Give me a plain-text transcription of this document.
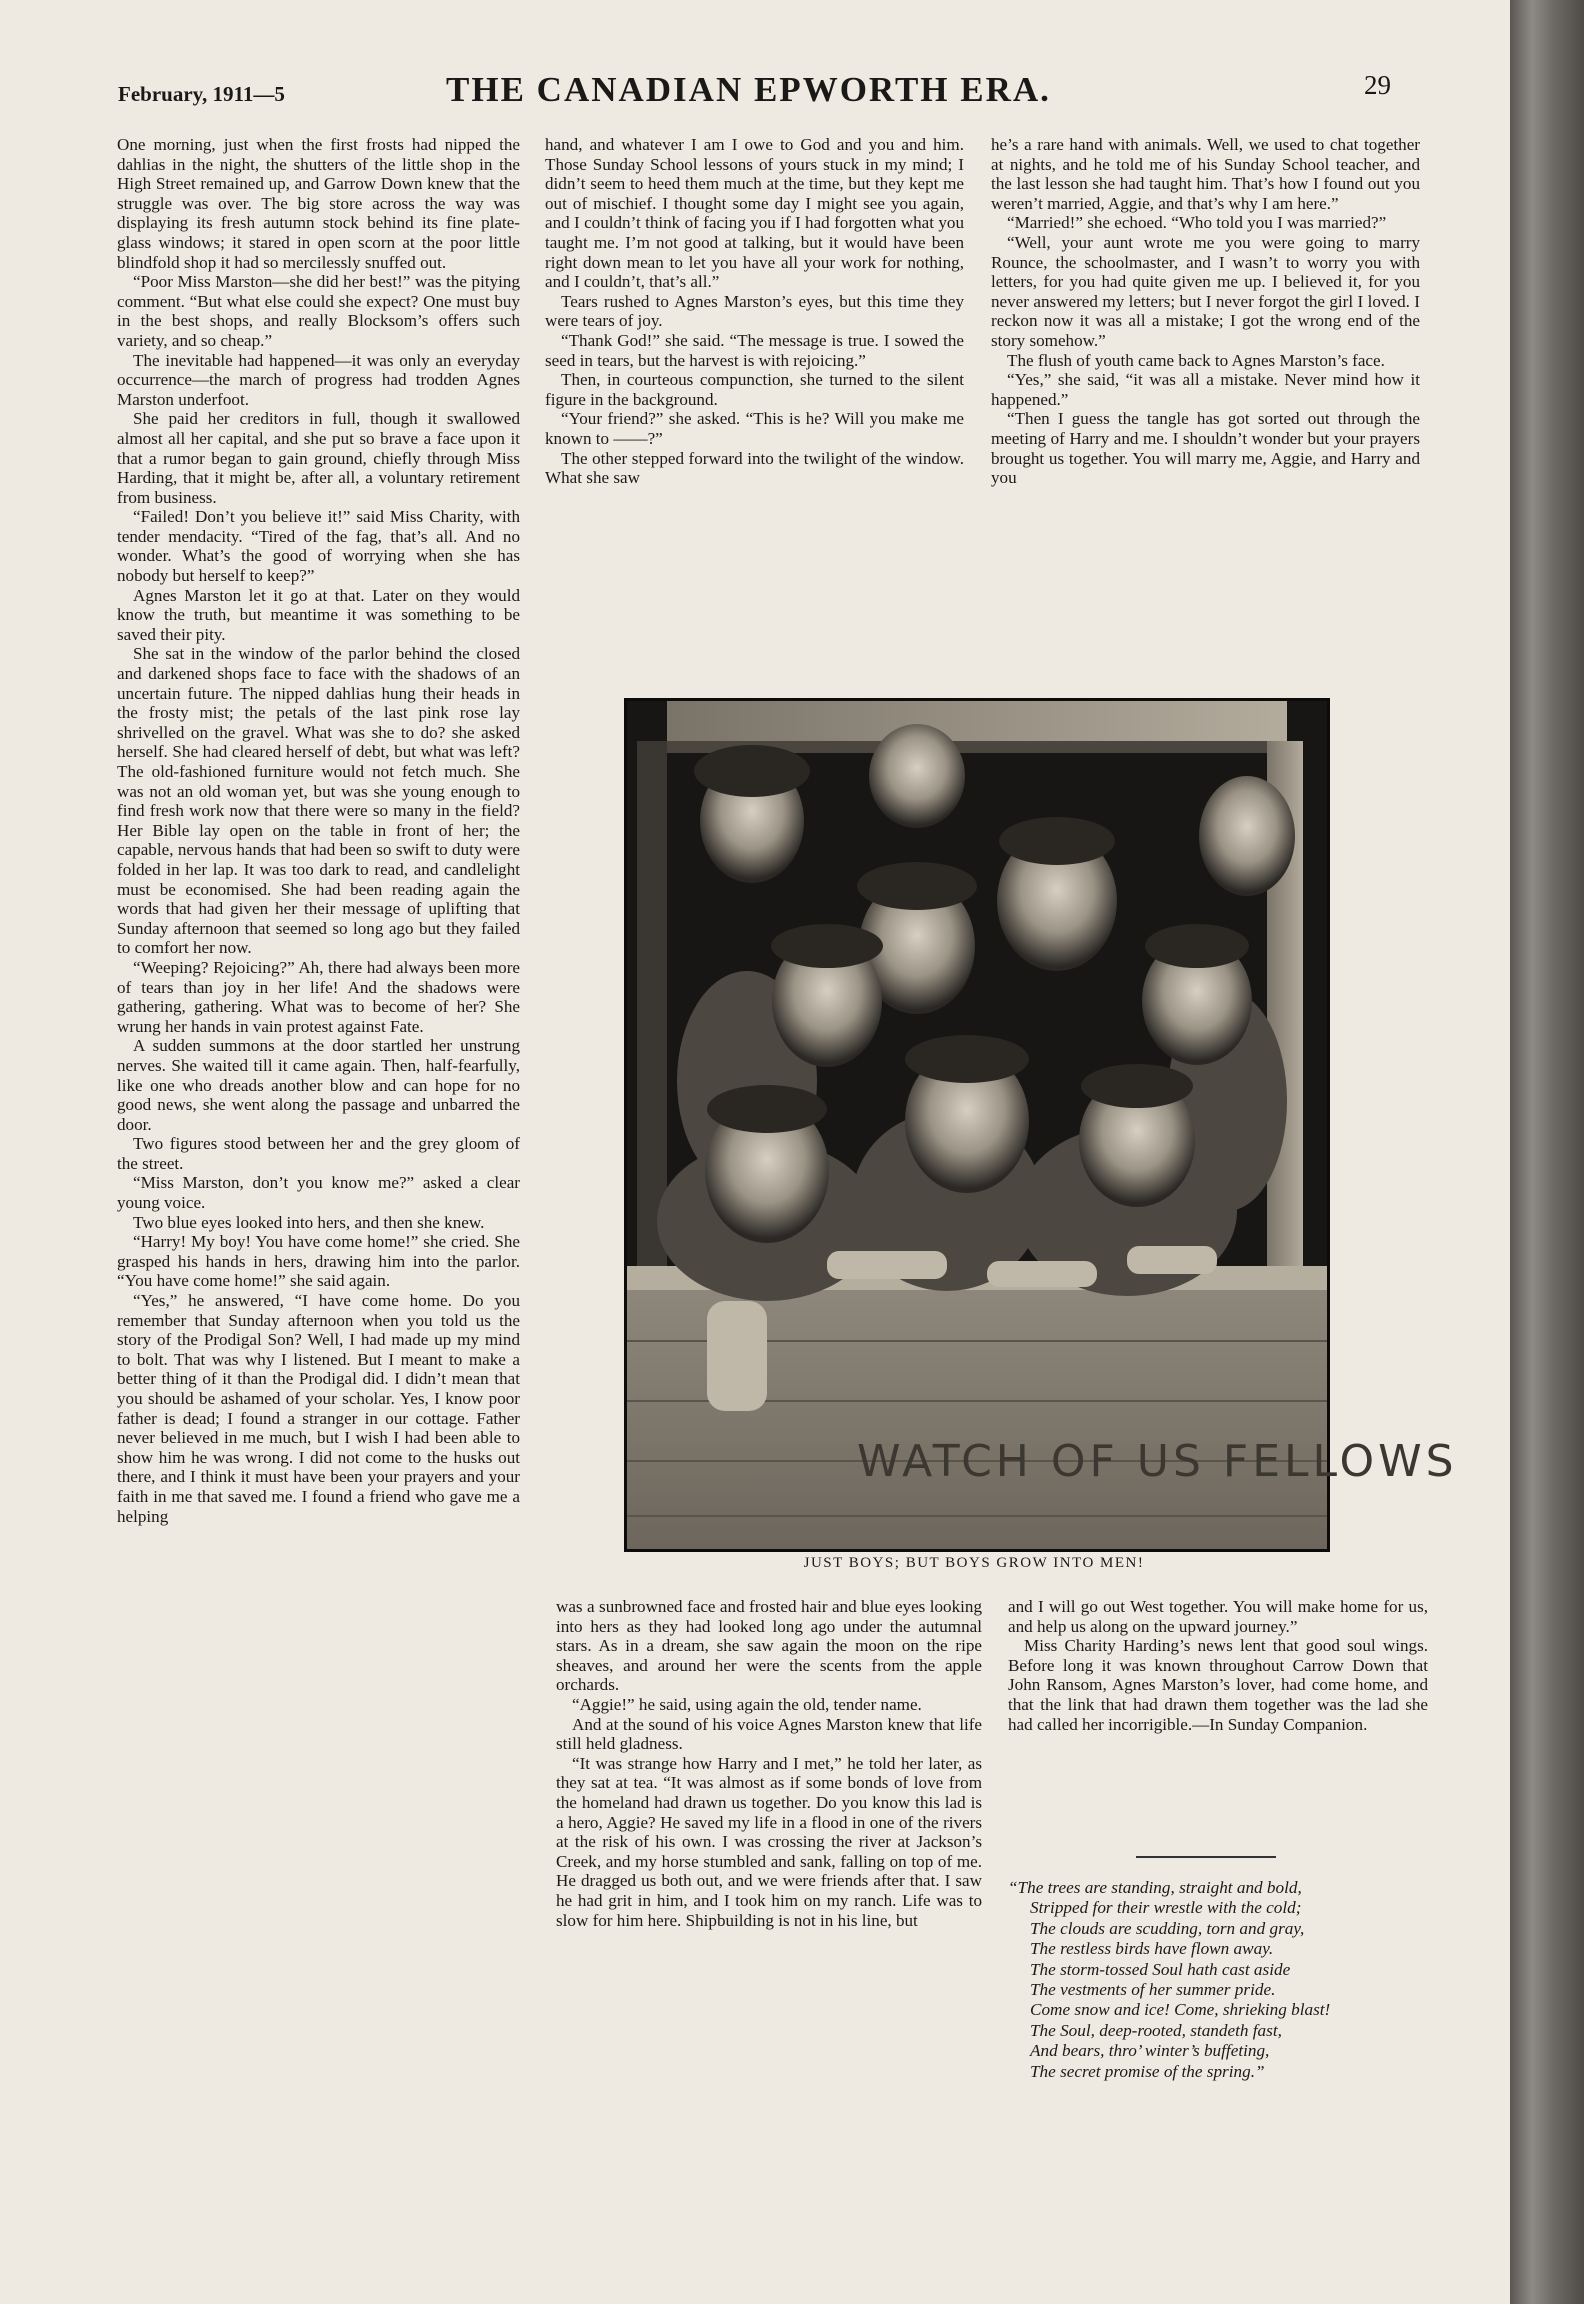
February, 1911—5	THE CANADIAN EPWORTH ERA.	29

One morning, just when the first frosts had nipped the dahlias in the night, the shutters of the little shop in the High Street remained up, and Garrow Down knew that the struggle was over. The big store across the way was displaying its fresh autumn stock behind its fine plate-glass windows; it stared in open scorn at the poor little blindfold shop it had so mercilessly snuffed out.

“Poor Miss Marston—she did her best!” was the pitying comment. “But what else could she expect? One must buy in the best shops, and really Blocksom’s offers such variety, and so cheap.”

The inevitable had happened—it was only an everyday occurrence—the march of progress had trodden Agnes Marston underfoot.

She paid her creditors in full, though it swallowed almost all her capital, and she put so brave a face upon it that a rumor began to gain ground, chiefly through Miss Harding, that it might be, after all, a voluntary retirement from business.

“Failed! Don’t you believe it!” said Miss Charity, with tender mendacity. “Tired of the fag, that’s all. And no wonder. What’s the good of worrying when she has nobody but herself to keep?”

Agnes Marston let it go at that. Later on they would know the truth, but meantime it was something to be saved their pity.

She sat in the window of the parlor behind the closed and darkened shops face to face with the shadows of an uncertain future. The nipped dahlias hung their heads in the frosty mist; the petals of the last pink rose lay shrivelled on the gravel. What was she to do? she asked herself. She had cleared herself of debt, but what was left? The old-fashioned furniture would not fetch much. She was not an old woman yet, but was she young enough to find fresh work now that there were so many in the field? Her Bible lay open on the table in front of her; the capable, nervous hands that had been so swift to duty were folded in her lap. It was too dark to read, and candlelight must be economised. She had been reading again the words that had given her their message of uplifting that Sunday afternoon that seemed so long ago but they failed to comfort her now.

“Weeping? Rejoicing?” Ah, there had always been more of tears than joy in her life! And the shadows were gathering, gathering. What was to become of her? She wrung her hands in vain protest against Fate.

A sudden summons at the door startled her unstrung nerves. She waited till it came again. Then, half-fearfully, like one who dreads another blow and can hope for no good news, she went along the passage and unbarred the door.

Two figures stood between her and the grey gloom of the street.

“Miss Marston, don’t you know me?” asked a clear young voice.

Two blue eyes looked into hers, and then she knew.

“Harry! My boy! You have come home!” she cried. She grasped his hands in hers, drawing him into the parlor. “You have come home!” she said again.

“Yes,” he answered, “I have come home. Do you remember that Sunday afternoon when you told us the story of the Prodigal Son? Well, I had made up my mind to bolt. That was why I listened. But I meant to make a better thing of it than the Prodigal did. I didn’t mean that you should be ashamed of your scholar. Yes, I know poor father is dead; I found a stranger in our cottage. Father never believed in me much, but I wish I had been able to show him he was wrong. I did not come to the husks out there, and I think it must have been your prayers and your faith in me that saved me. I found a friend who gave me a helping

hand, and whatever I am I owe to God and you and him. Those Sunday School lessons of yours stuck in my mind; I didn’t seem to heed them much at the time, but they kept me out of mischief. I thought some day I might see you again, and I couldn’t think of facing you if I had forgotten what you taught me. I’m not good at talking, but it would have been right down mean to let you have all your work for nothing, and I couldn’t, that’s all.”

Tears rushed to Agnes Marston’s eyes, but this time they were tears of joy.

“Thank God!” she said. “The message is true. I sowed the seed in tears, but the harvest is with rejoicing.”

Then, in courteous compunction, she turned to the silent figure in the background.

“Your friend?” she asked. “This is he? Will you make me known to ——?”

The other stepped forward into the twilight of the window. What she saw

he’s a rare hand with animals. Well, we used to chat together at nights, and he told me of his Sunday School teacher, and the last lesson she had taught him. That’s how I found out you weren’t married, Aggie, and that’s why I am here.”

“Married!” she echoed. “Who told you I was married?”

“Well, your aunt wrote me you were going to marry Rounce, the schoolmaster, and I wasn’t to worry you with letters, for you had quite given me up. I believed it, for you never answered my letters; but I never forgot the girl I loved. I reckon now it was all a mistake; I got the wrong end of the story somehow.”

The flush of youth came back to Agnes Marston’s face.

“Yes,” she said, “it was all a mistake. Never mind how it happened.”

“Then I guess the tangle has got sorted out through the meeting of Harry and me. I shouldn’t wonder but your prayers brought us together. You will marry me, Aggie, and Harry and you

WATCH OF US FELLOWS
JUST BOYS; BUT BOYS GROW INTO MEN!

was a sunbrowned face and frosted hair and blue eyes looking into hers as they had looked long ago under the autumnal stars. As in a dream, she saw again the moon on the ripe sheaves, and around her were the scents from the apple orchards.

“Aggie!” he said, using again the old, tender name.

And at the sound of his voice Agnes Marston knew that life still held gladness.

“It was strange how Harry and I met,” he told her later, as they sat at tea. “It was almost as if some bonds of love from the homeland had drawn us together. Do you know this lad is a hero, Aggie? He saved my life in a flood in one of the rivers at the risk of his own. I was crossing the river at Jackson’s Creek, and my horse stumbled and sank, falling on top of me. He dragged us both out, and we were friends after that. I saw he had grit in him, and I took him on my ranch. Life was to slow for him here. Shipbuilding is not in his line, but

and I will go out West together. You will make home for us, and help us along on the upward journey.”

Miss Charity Harding’s news lent that good soul wings. Before long it was known throughout Carrow Down that John Ransom, Agnes Marston’s lover, had come home, and that the link that had drawn them together was the lad she had called her incorrigible.—In Sunday Companion.

“The trees are standing, straight and bold,
Stripped for their wrestle with the cold;
The clouds are scudding, torn and gray,
The restless birds have flown away.
The storm-tossed Soul hath cast aside
The vestments of her summer pride.
Come snow and ice! Come, shrieking blast!
The Soul, deep-rooted, standeth fast,
And bears, thro’ winter’s buffeting,
The secret promise of the spring.”
